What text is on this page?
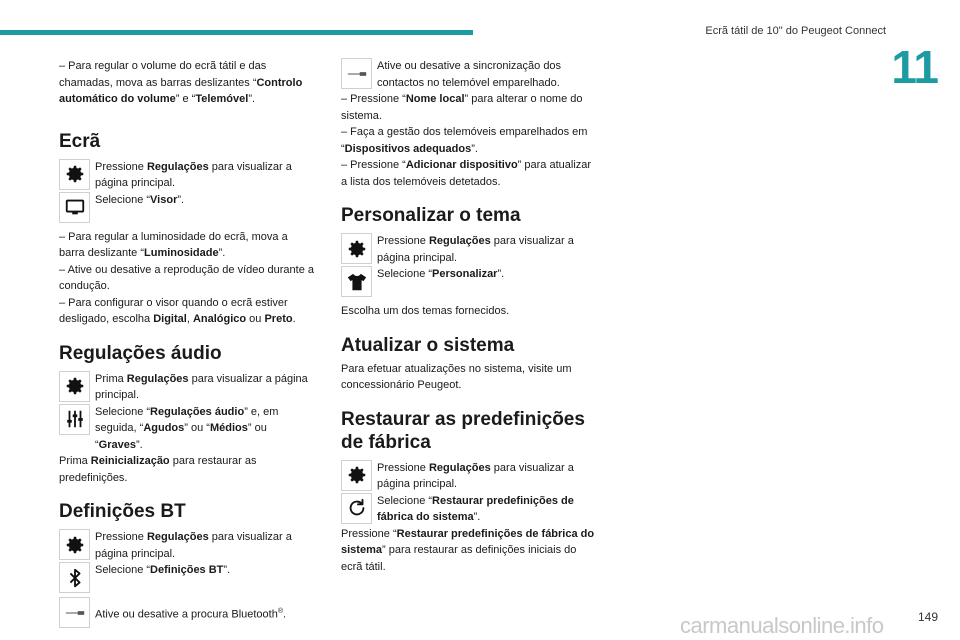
Ecrã tátil de 10" do Peugeot Connect
11

– Para regular o volume do ecrã tátil e das chamadas, mova as barras deslizantes “Controlo automático do volume” e “Telemóvel”.

Ecrã
Pressione Regulações para visualizar a página principal.
Selecione “Visor”.

– Para regular a luminosidade do ecrã, mova a barra deslizante “Luminosidade”.

– Ative ou desative a reprodução de vídeo durante a condução.

– Para configurar o visor quando o ecrã estiver desligado, escolha Digital, Analógico ou Preto.

Regulações áudio
Prima Regulações para visualizar a página principal.
Selecione “Regulações áudio” e, em seguida, “Agudos” ou “Médios” ou “Graves”.

Prima Reinicialização para restaurar as predefinições.

Definições BT
Pressione Regulações para visualizar a página principal.
Selecione “Definições BT”.
Ative ou desative a procura Bluetooth®.
Ative ou desative a sincronização dos contactos no telemóvel emparelhado.

– Pressione “Nome local” para alterar o nome do sistema.

– Faça a gestão dos telemóveis emparelhados em “Dispositivos adequados”.

– Pressione “Adicionar dispositivo” para atualizar a lista dos telemóveis detetados.

Personalizar o tema
Pressione Regulações para visualizar a página principal.
Selecione “Personalizar”.

Escolha um dos temas fornecidos.

Atualizar o sistema

Para efetuar atualizações no sistema, visite um concessionário Peugeot.

Restaurar as predefinições de fábrica
Pressione Regulações para visualizar a página principal.
Selecione “Restaurar predefinições de fábrica do sistema”.

Pressione “Restaurar predefinições de fábrica do sistema” para restaurar as definições iniciais do ecrã tátil.

carmanualsonline.info	149
